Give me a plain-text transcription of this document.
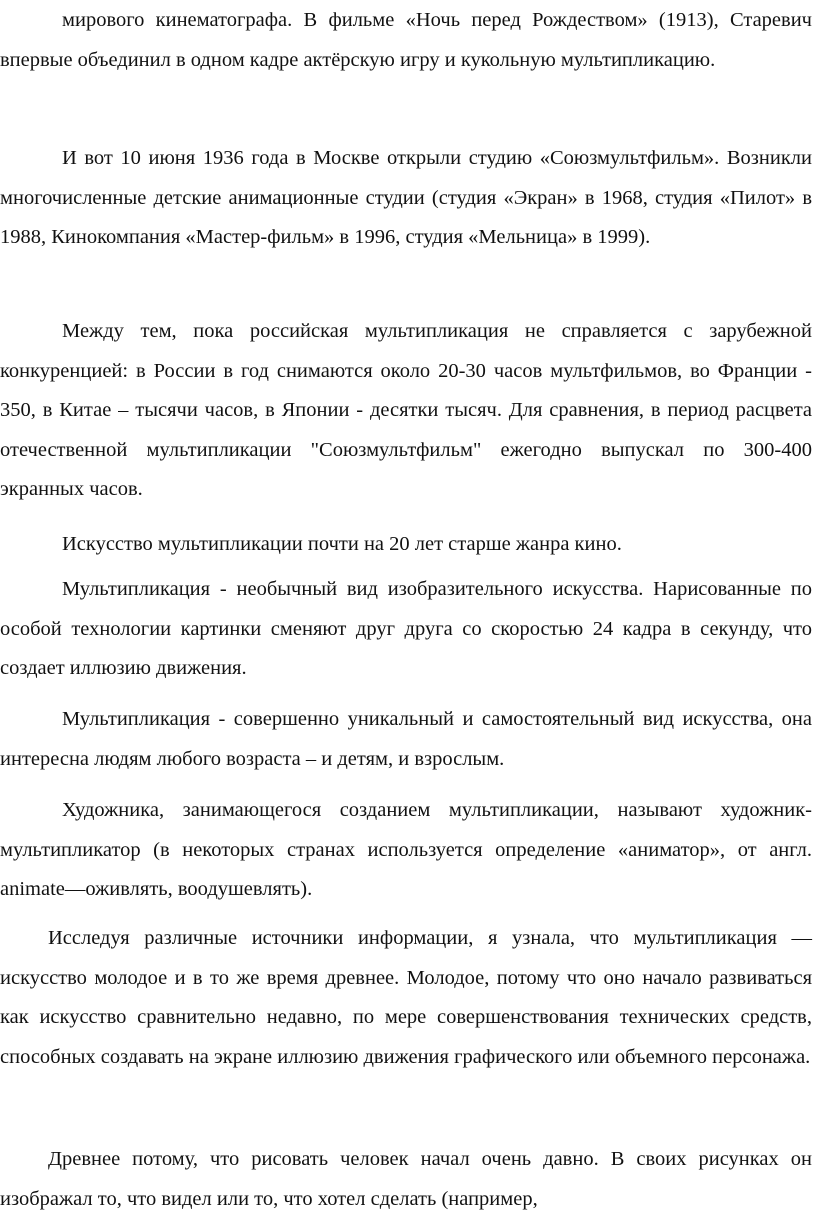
мирового кинематографа. В фильме «Ночь перед Рождеством» (1913), Старевич впервые объединил в одном кадре актёрскую игру и кукольную мультипликацию.

И вот 10 июня 1936 года в Москве открыли студию «Союзмультфильм». Возникли многочисленные детские анимационные студии (студия «Экран» в 1968, студия «Пилот» в 1988, Кинокомпания «Мастер-фильм» в 1996, студия «Мельница» в 1999).

Между тем, пока российская мультипликация не справляется с зарубежной конкуренцией: в России в год снимаются около 20-30 часов мультфильмов, во Франции - 350, в Китае – тысячи часов, в Японии - десятки тысяч. Для сравнения, в период расцвета отечественной мультипликации "Союзмультфильм" ежегодно выпускал по 300-400 экранных часов.

Искусство мультипликации почти на 20 лет старше жанра кино.

Мультипликация - необычный вид изобразительного искусства. Нарисованные по особой технологии картинки сменяют друг друга со скоростью 24 кадра в секунду, что создает иллюзию движения.

Мультипликация - совершенно уникальный и самостоятельный вид искусства, она интересна людям любого возраста – и детям, и взрослым.

Художника, занимающегося созданием мультипликации, называют художник-мультипликатор (в некоторых странах используется определение «аниматор», от англ. animate—оживлять, воодушевлять).

Исследуя различные источники информации, я узнала, что мультипликация — искусство молодое и в то же время древнее. Молодое, потому что оно начало развиваться как искусство сравнительно недавно, по мере совершенствования технических средств, способных создавать на экране иллюзию движения графического или объемного персонажа.

Древнее потому, что рисовать человек начал очень давно. В своих рисунках он изображал то, что видел или то, что хотел сделать (например,
